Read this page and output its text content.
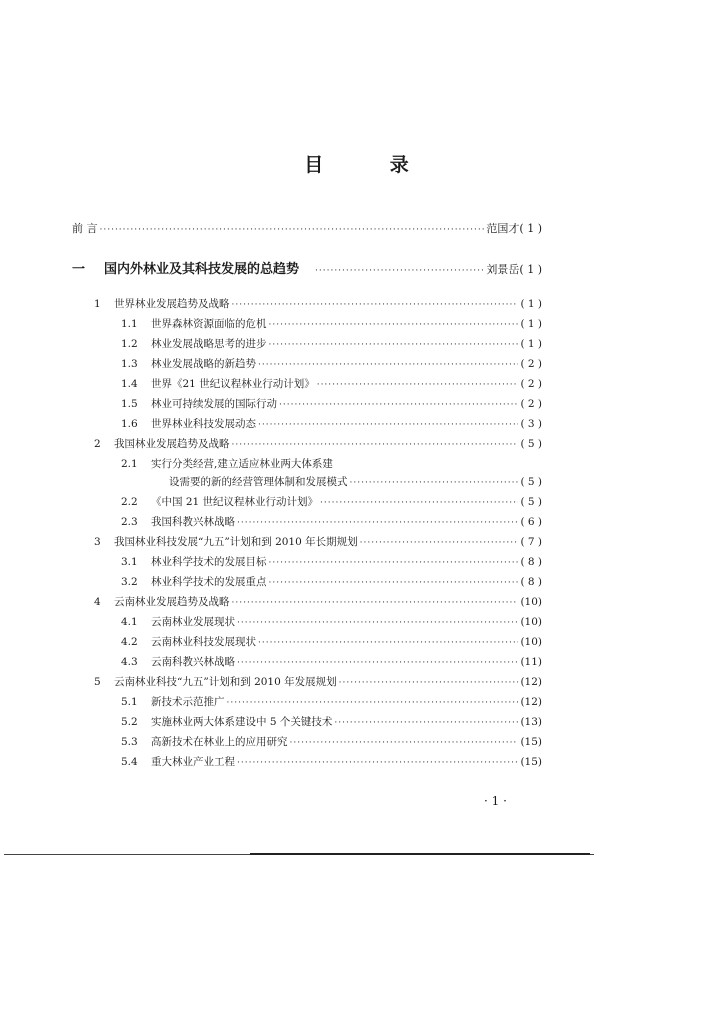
目 录
前 言 ·····	范国才( 1 )
一 国内外林业及其科技发展的总趋势 ·····	刘景岳( 1 )
1 世界林业发展趋势及战略 ·····	( 1 )
1.1 世界森林资源面临的危机 ·····	( 1 )
1.2 林业发展战略思考的进步 ·····	( 1 )
1.3 林业发展战略的新趋势 ·····	( 2 )
1.4 世界《21 世纪议程林业行动计划》 ·····	( 2 )
1.5 林业可持续发展的国际行动 ·····	( 2 )
1.6 世界林业科技发展动态 ·····	( 3 )
2 我国林业发展趋势及战略 ·····	( 5 )
2.1 实行分类经营,建立适应林业两大体系建
设需要的新的经营管理体制和发展模式 ·····	( 5 )
2.2 《中国 21 世纪议程林业行动计划》 ·····	( 5 )
2.3 我国科教兴林战略 ·····	( 6 )
3 我国林业科技发展“九五”计划和到 2010 年长期规划 ·····	( 7 )
3.1 林业科学技术的发展目标 ·····	( 8 )
3.2 林业科学技术的发展重点 ·····	( 8 )
4 云南林业发展趋势及战略 ·····	(10)
4.1 云南林业发展现状 ·····	(10)
4.2 云南林业科技发展现状 ·····	(10)
4.3 云南科教兴林战略 ·····	(11)
5 云南林业科技“九五”计划和到 2010 年发展规划 ·····	(12)
5.1 新技术示范推广 ·····	(12)
5.2 实施林业两大体系建设中 5 个关键技术 ·····	(13)
5.3 高新技术在林业上的应用研究 ·····	(15)
5.4 重大林业产业工程 ·····	(15)
· 1 ·
